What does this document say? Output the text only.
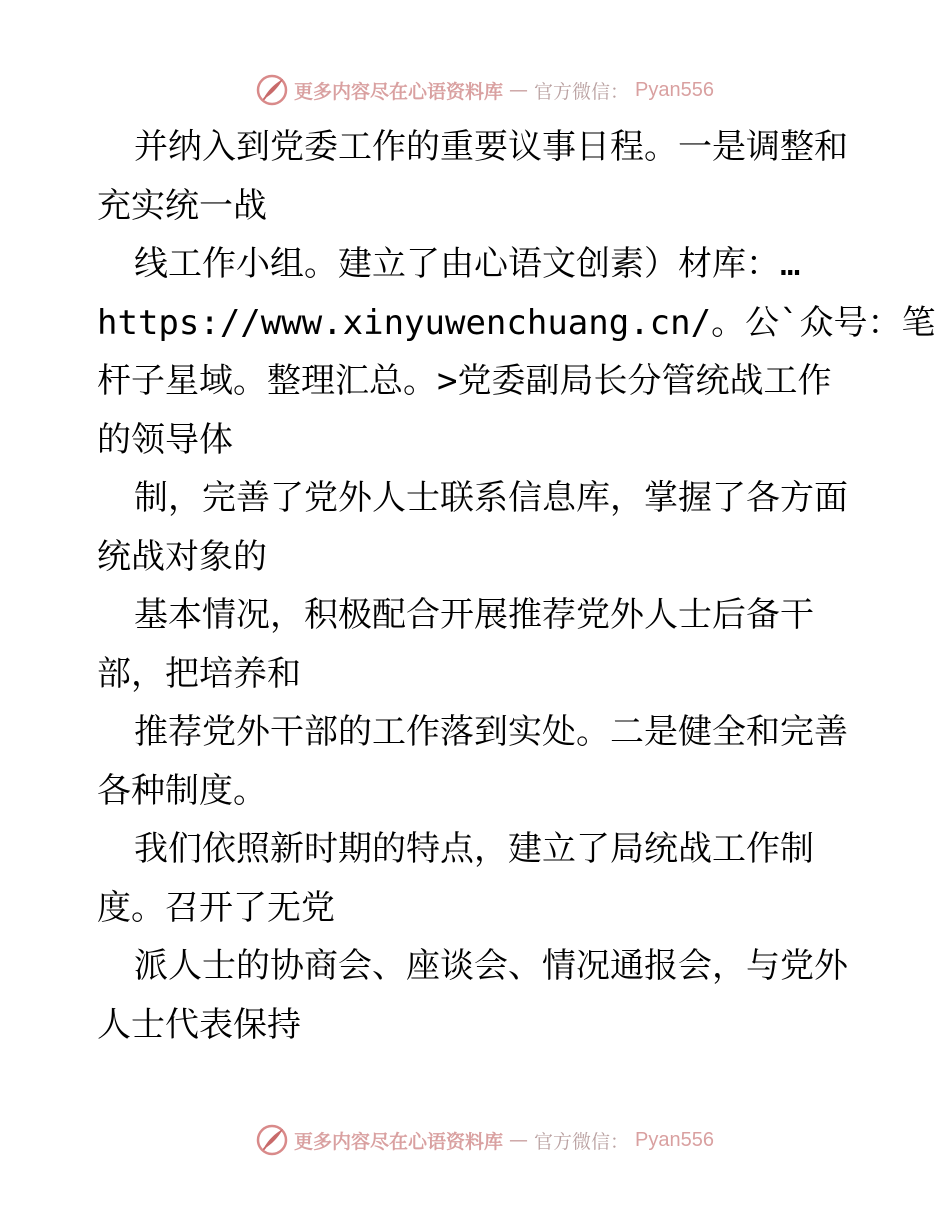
更多内容尽在心语资料库 — 官方微信： Pyan556
并纳入到党委工作的重要议事日程。一是调整和
充实统一战
线工作小组。建立了由心语文创素）材库：…
https://www.xinyuwenchuang.cn/。公`众号：笔
杆子星域。整理汇总。>党委副局长分管统战工作
的领导体
制，完善了党外人士联系信息库，掌握了各方面
统战对象的
基本情况，积极配合开展推荐党外人士后备干
部，把培养和
推荐党外干部的工作落到实处。二是健全和完善
各种制度。
我们依照新时期的特点，建立了局统战工作制
度。召开了无党
派人士的协商会、座谈会、情况通报会，与党外
人士代表保持
更多内容尽在心语资料库 — 官方微信： Pyan556
